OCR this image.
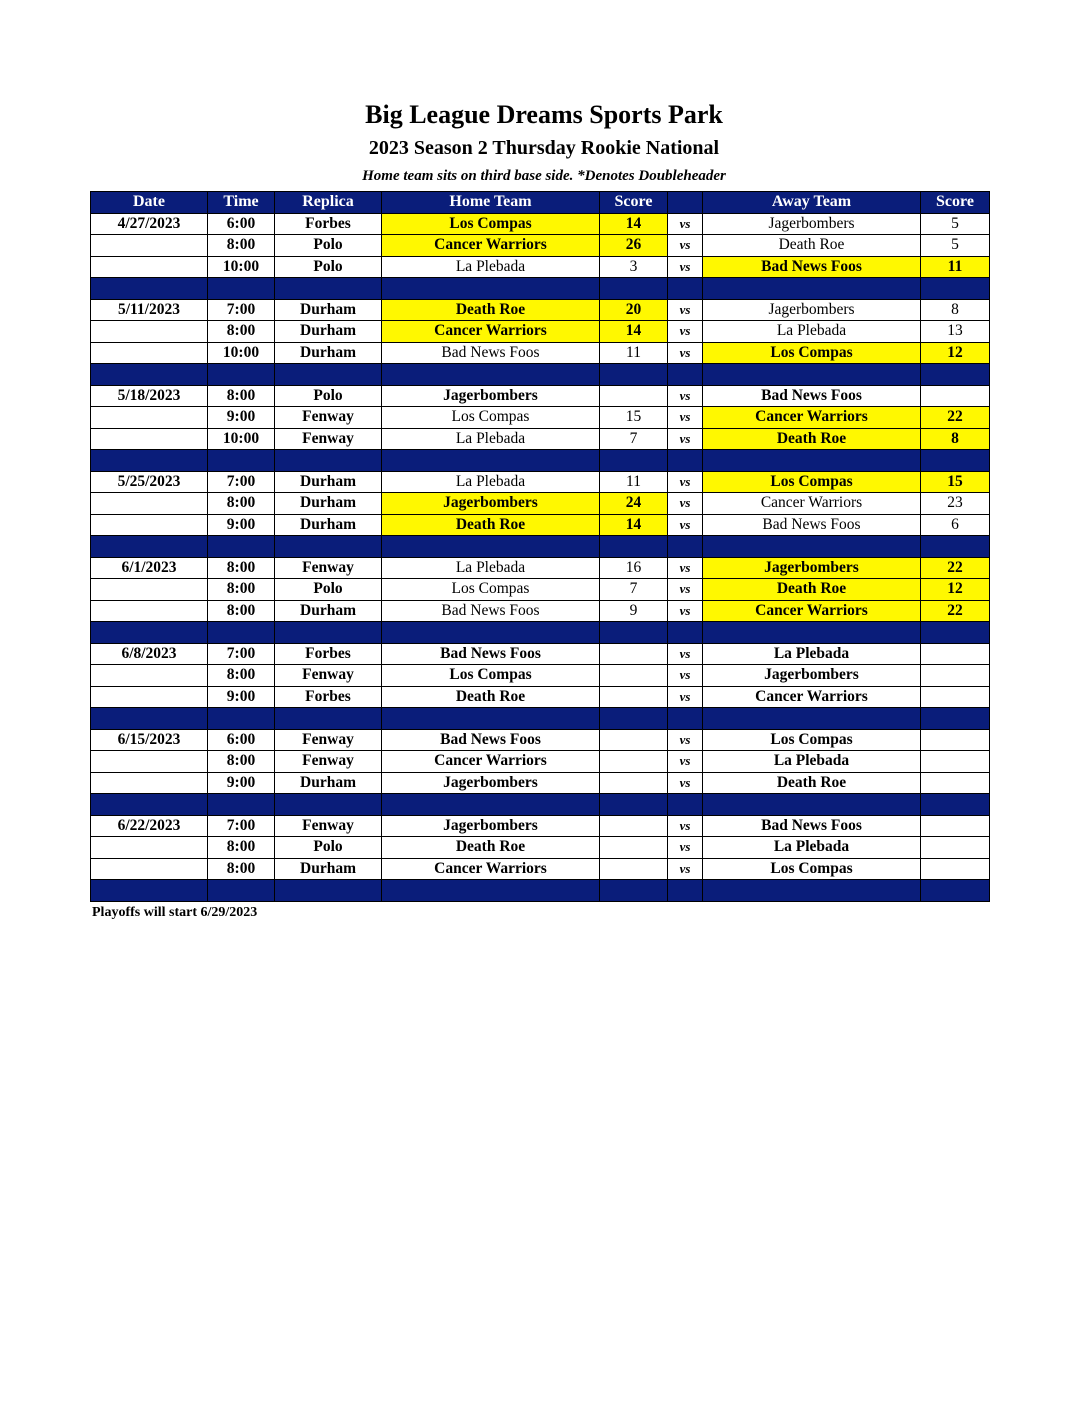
Big League Dreams Sports Park
2023 Season 2 Thursday Rookie National
Home team sits on third base side. *Denotes Doubleheader
Date	Time	Replica	Home Team	Score		Away Team	Score
4/27/2023	6:00	Forbes	Los Compas	14	vs	Jagerbombers	5
	8:00	Polo	Cancer Warriors	26	vs	Death Roe	5
	10:00	Polo	La Plebada	3	vs	Bad News Foos	11

5/11/2023	7:00	Durham	Death Roe	20	vs	Jagerbombers	8
	8:00	Durham	Cancer Warriors	14	vs	La Plebada	13
	10:00	Durham	Bad News Foos	11	vs	Los Compas	12

5/18/2023	8:00	Polo	Jagerbombers		vs	Bad News Foos	
	9:00	Fenway	Los Compas	15	vs	Cancer Warriors	22
	10:00	Fenway	La Plebada	7	vs	Death Roe	8

5/25/2023	7:00	Durham	La Plebada	11	vs	Los Compas	15
	8:00	Durham	Jagerbombers	24	vs	Cancer Warriors	23
	9:00	Durham	Death Roe	14	vs	Bad News Foos	6

6/1/2023	8:00	Fenway	La Plebada	16	vs	Jagerbombers	22
	8:00	Polo	Los Compas	7	vs	Death Roe	12
	8:00	Durham	Bad News Foos	9	vs	Cancer Warriors	22

6/8/2023	7:00	Forbes	Bad News Foos		vs	La Plebada	
	8:00	Fenway	Los Compas		vs	Jagerbombers	
	9:00	Forbes	Death Roe		vs	Cancer Warriors	

6/15/2023	6:00	Fenway	Bad News Foos		vs	Los Compas	
	8:00	Fenway	Cancer Warriors		vs	La Plebada	
	9:00	Durham	Jagerbombers		vs	Death Roe	

6/22/2023	7:00	Fenway	Jagerbombers		vs	Bad News Foos	
	8:00	Polo	Death Roe		vs	La Plebada	
	8:00	Durham	Cancer Warriors		vs	Los Compas	

Playoffs will start 6/29/2023
